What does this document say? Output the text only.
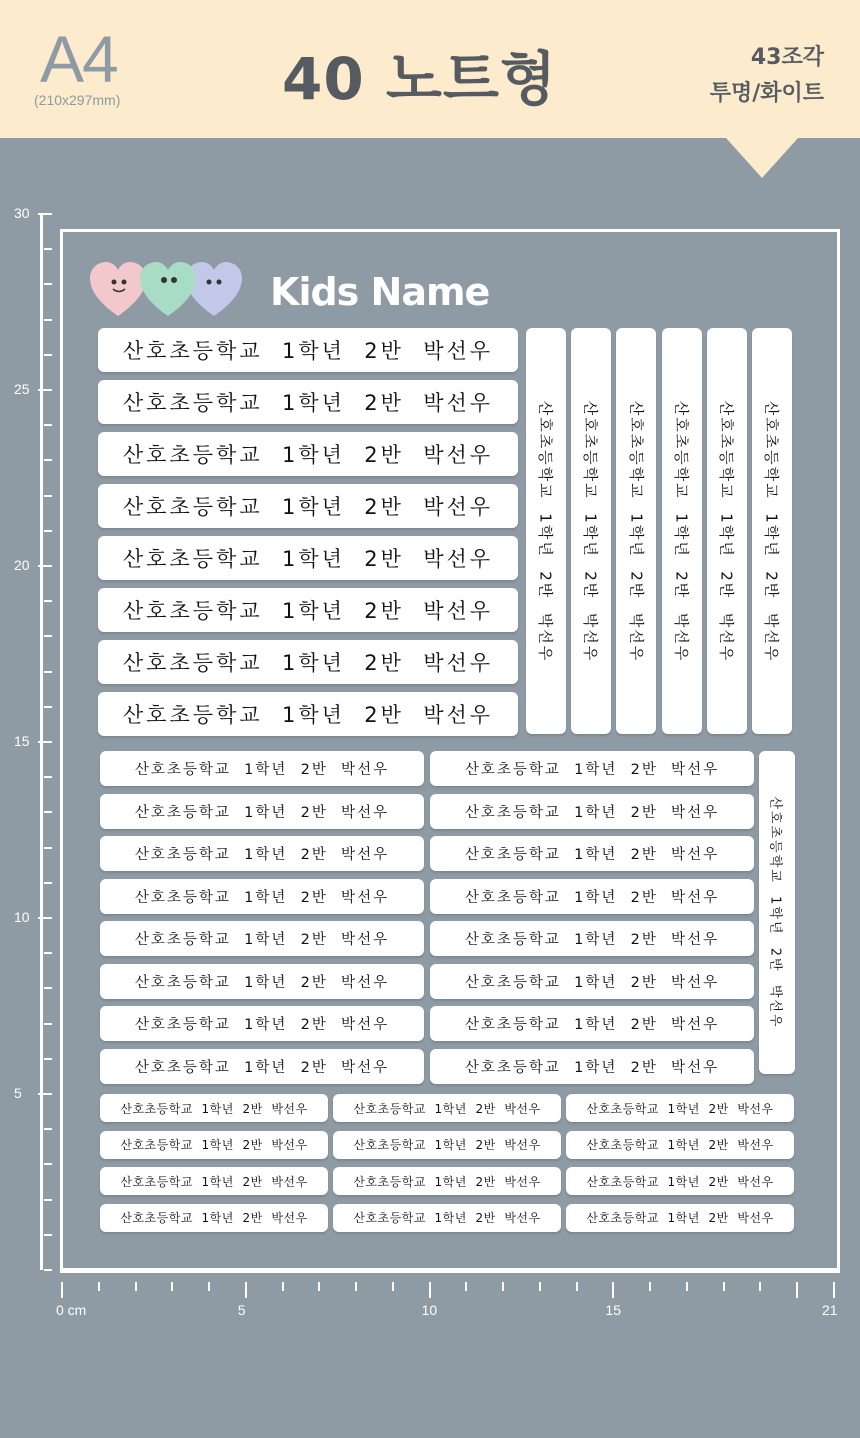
A4
(210x297mm)	40 노트형	43조각
투명/화이트
30
25
20
15
10
5
0 cm	5	10	15	21
Kids Name
산호초등학교  1학년  2반  박선우
산호초등학교  1학년  2반  박선우
산호초등학교  1학년  2반  박선우
산호초등학교  1학년  2반  박선우
산호초등학교  1학년  2반  박선우
산호초등학교  1학년  2반  박선우
산호초등학교  1학년  2반  박선우
산호초등학교  1학년  2반  박선우
산호초등학교  1학년  2반  박선우 산호초등학교  1학년  2반  박선우 산호초등학교  1학년  2반  박선우 산호초등학교  1학년  2반  박선우 산호초등학교  1학년  2반  박선우 산호초등학교  1학년  2반  박선우
산호초등학교  1학년  2반  박선우	산호초등학교  1학년  2반  박선우
산호초등학교  1학년  2반  박선우	산호초등학교  1학년  2반  박선우
산호초등학교  1학년  2반  박선우	산호초등학교  1학년  2반  박선우
산호초등학교  1학년  2반  박선우	산호초등학교  1학년  2반  박선우
산호초등학교  1학년  2반  박선우	산호초등학교  1학년  2반  박선우
산호초등학교  1학년  2반  박선우	산호초등학교  1학년  2반  박선우
산호초등학교  1학년  2반  박선우	산호초등학교  1학년  2반  박선우
산호초등학교  1학년  2반  박선우	산호초등학교  1학년  2반  박선우
산호초등학교  1학년  2반  박선우
산호초등학교  1학년  2반  박선우	산호초등학교  1학년  2반  박선우	산호초등학교  1학년  2반  박선우
산호초등학교  1학년  2반  박선우	산호초등학교  1학년  2반  박선우	산호초등학교  1학년  2반  박선우
산호초등학교  1학년  2반  박선우	산호초등학교  1학년  2반  박선우	산호초등학교  1학년  2반  박선우
산호초등학교  1학년  2반  박선우	산호초등학교  1학년  2반  박선우	산호초등학교  1학년  2반  박선우
